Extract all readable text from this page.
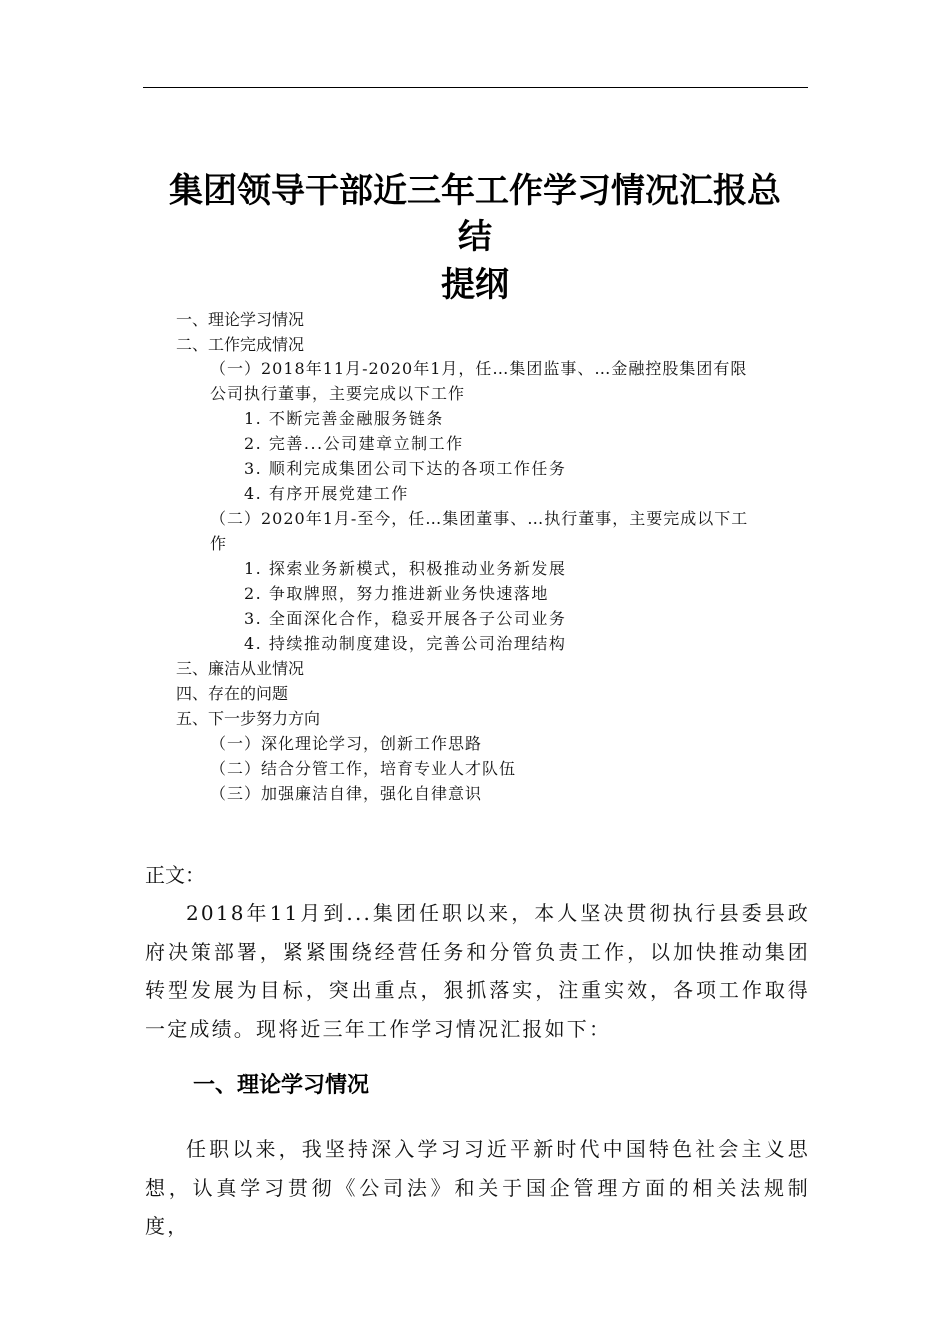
集团领导干部近三年工作学习情况汇报总
结
提纲
一、理论学习情况
二、工作完成情况
（一）2018年11月-2020年1月，任…集团监事、…金融控股集团有限
公司执行董事，主要完成以下工作
1. 不断完善金融服务链条
2. 完善...公司建章立制工作
3. 顺利完成集团公司下达的各项工作任务
4. 有序开展党建工作
（二）2020年1月-至今，任…集团董事、…执行董事，主要完成以下工
作
1. 探索业务新模式，积极推动业务新发展
2. 争取牌照，努力推进新业务快速落地
3. 全面深化合作，稳妥开展各子公司业务
4. 持续推动制度建设，完善公司治理结构
三、廉洁从业情况
四、存在的问题
五、下一步努力方向
（一）深化理论学习，创新工作思路
（二）结合分管工作，培育专业人才队伍
（三）加强廉洁自律，强化自律意识
正文：
2018年11月到...集团任职以来，本人坚决贯彻执行县委县政府决策部署，紧紧围绕经营任务和分管负责工作，以加快推动集团转型发展为目标，突出重点，狠抓落实，注重实效，各项工作取得一定成绩。现将近三年工作学习情况汇报如下：
一、理论学习情况
任职以来，我坚持深入学习习近平新时代中国特色社会主义思想，认真学习贯彻《公司法》和关于国企管理方面的相关法规制度，
